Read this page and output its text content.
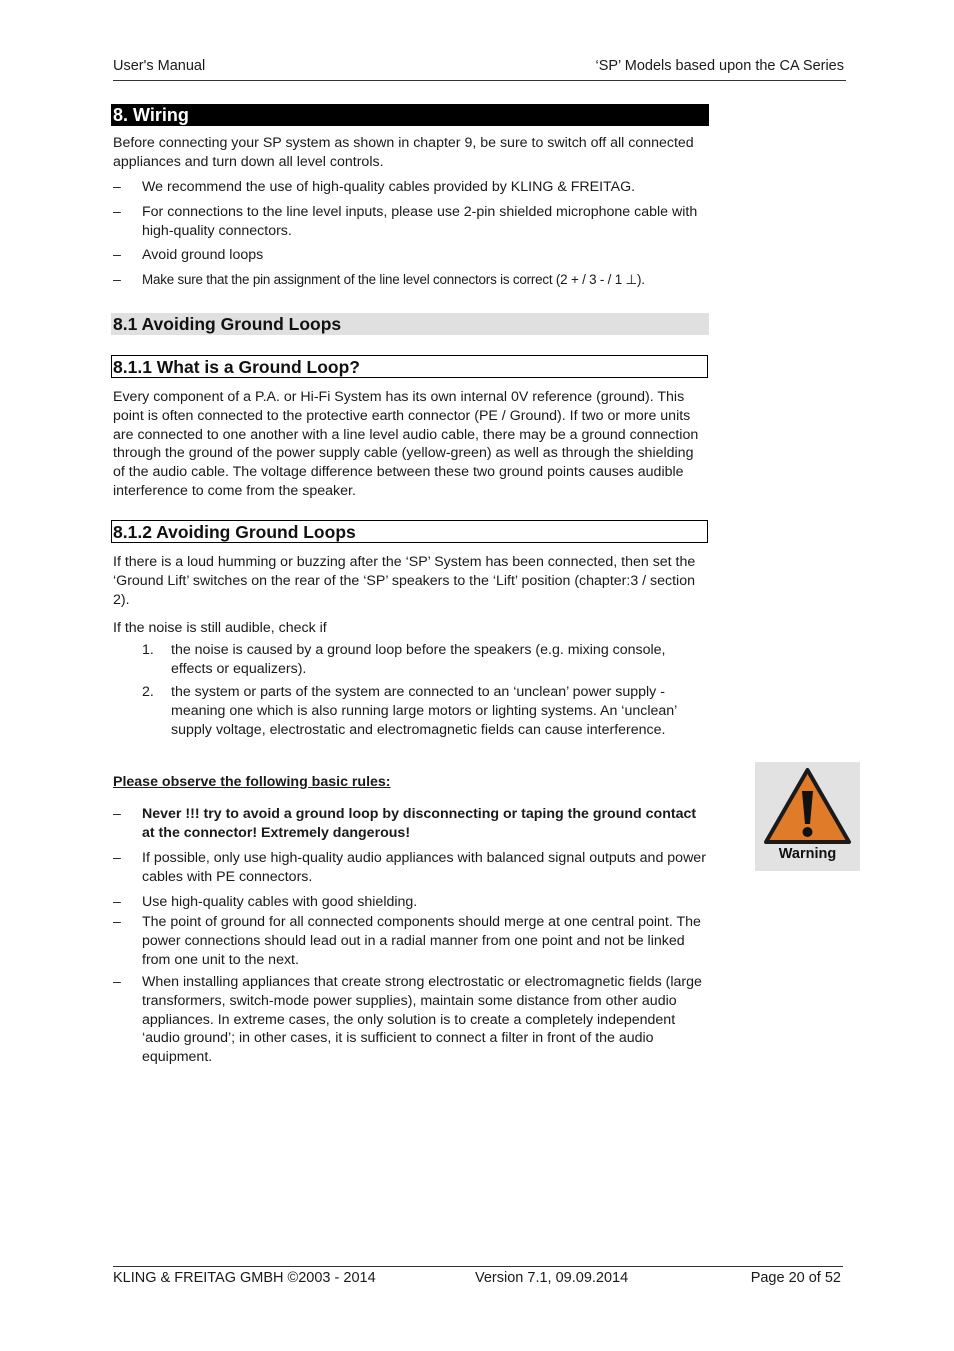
User's Manual	‘SP’ Models based upon the CA Series
8. Wiring

Before connecting your SP system as shown in chapter 9, be sure to switch off all connected appliances and turn down all level controls.

–	We recommend the use of high-quality cables provided by KLING & FREITAG.
–	For connections to the line level inputs, please use 2-pin shielded microphone cable with high-quality connectors.
–	Avoid ground loops
–	Make sure that the pin assignment of the line level connectors is correct (2 + / 3 - / 1 ⊥).
8.1 Avoiding Ground Loops
8.1.1 What is a Ground Loop?

Every component of a P.A. or Hi-Fi System has its own internal 0V reference (ground). This point is often connected to the protective earth connector (PE / Ground). If two or more units are connected to one another with a line level audio cable, there may be a ground connection through the ground of the power supply cable (yellow-green) as well as through the shielding of the audio cable. The voltage difference between these two ground points causes audible interference to come from the speaker.

8.1.2 Avoiding Ground Loops

If there is a loud humming or buzzing after the ‘SP’ System has been connected, then set the ‘Ground Lift’ switches on the rear of the ‘SP’ speakers to the ‘Lift’ position (chapter:3 / section 2).

If the noise is still audible, check if

1.	the noise is caused by a ground loop before the speakers (e.g. mixing console, effects or equalizers).
2.	the system or parts of the system are connected to an ‘unclean’ power supply - meaning one which is also running large motors or lighting systems. An ‘unclean’ supply voltage, electrostatic and electromagnetic fields can cause interference.
Please observe the following basic rules:
–	Never !!! try to avoid a ground loop by disconnecting or taping the ground contact at the connector! Extremely dangerous!
–	If possible, only use high-quality audio appliances with balanced signal outputs and power cables with PE connectors.
–	Use high-quality cables with good shielding.
–	The point of ground for all connected components should merge at one central point. The power connections should lead out in a radial manner from one point and not be linked from one unit to the next.
–	When installing appliances that create strong electrostatic or electromagnetic fields (large transformers, switch-mode power supplies), maintain some distance from other audio appliances. In extreme cases, the only solution is to create a completely independent ‘audio ground’; in other cases, it is sufficient to connect a filter in front of the audio equipment.
Warning
KLING & FREITAG GMBH ©2003 - 2014	Version 7.1, 09.09.2014	Page 20 of 52
